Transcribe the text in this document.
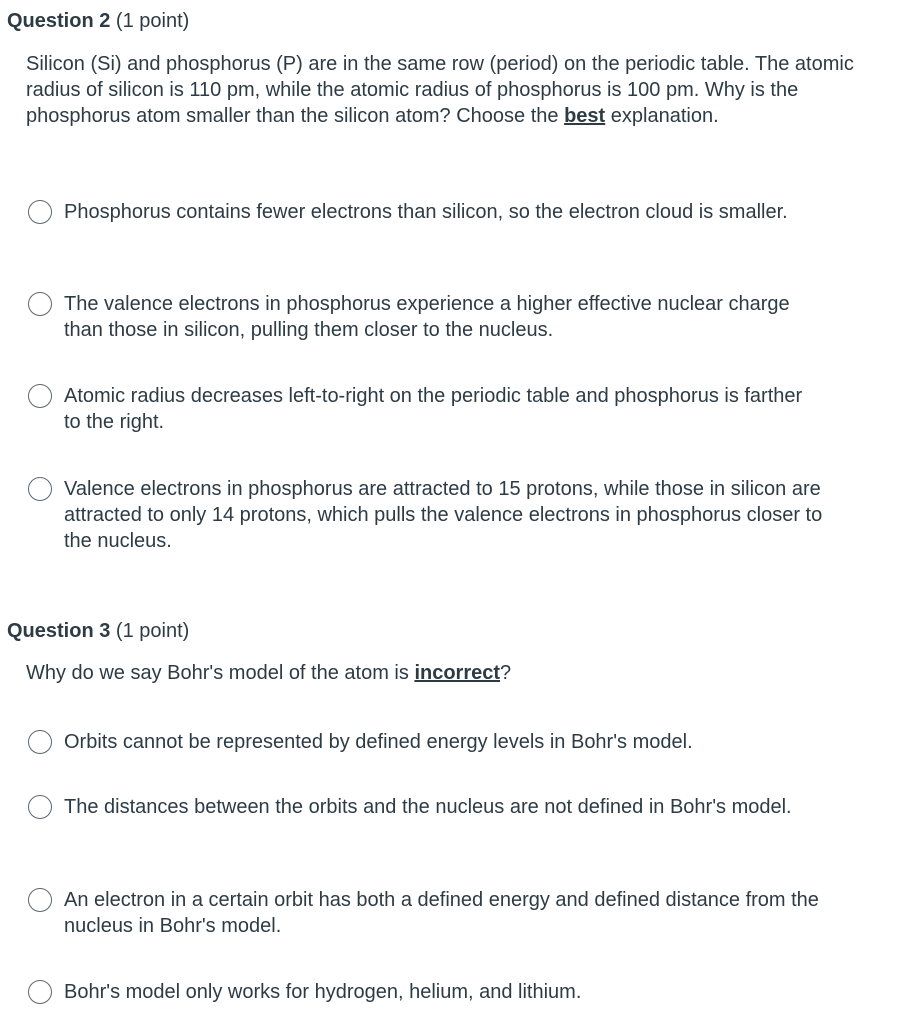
Question 2 (1 point)
Silicon (Si) and phosphorus (P) are in the same row (period) on the periodic table. The atomic radius of silicon is 110 pm, while the atomic radius of phosphorus is 100 pm. Why is the phosphorus atom smaller than the silicon atom? Choose the best explanation.
Phosphorus contains fewer electrons than silicon, so the electron cloud is smaller.
The valence electrons in phosphorus experience a higher effective nuclear charge than those in silicon, pulling them closer to the nucleus.
Atomic radius decreases left-to-right on the periodic table and phosphorus is farther to the right.
Valence electrons in phosphorus are attracted to 15 protons, while those in silicon are attracted to only 14 protons, which pulls the valence electrons in phosphorus closer to the nucleus.
Question 3 (1 point)
Why do we say Bohr's model of the atom is incorrect?
Orbits cannot be represented by defined energy levels in Bohr's model.
The distances between the orbits and the nucleus are not defined in Bohr's model.
An electron in a certain orbit has both a defined energy and defined distance from the nucleus in Bohr's model.
Bohr's model only works for hydrogen, helium, and lithium.
